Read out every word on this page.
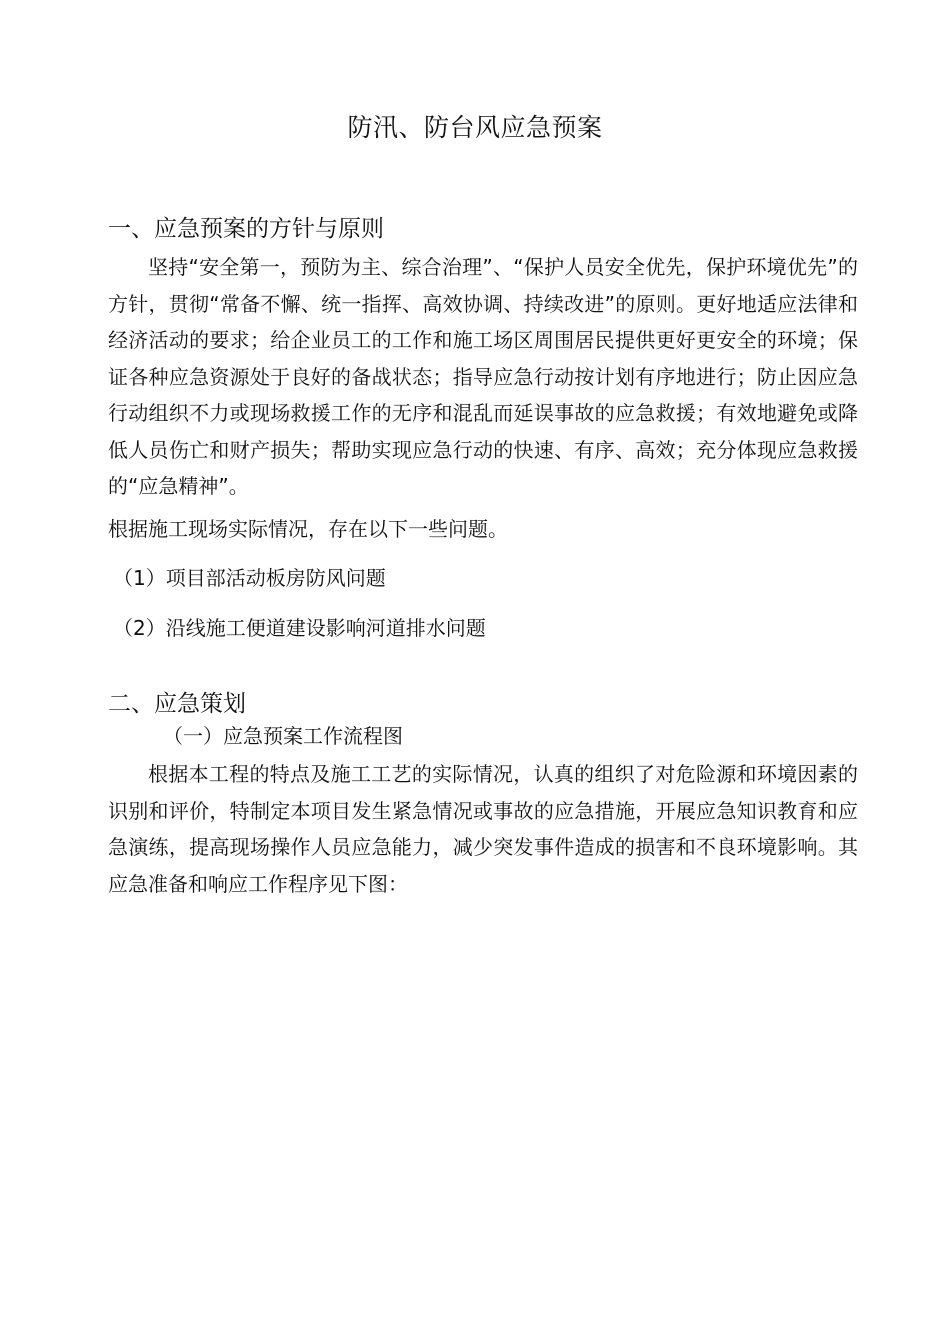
防汛、防台风应急预案
一、应急预案的方针与原则

坚持“安全第一，预防为主、综合治理”、“保护人员安全优先，保护环境优先”的方针，贯彻“常备不懈、统一指挥、高效协调、持续改进”的原则。更好地适应法律和经济活动的要求；给企业员工的工作和施工场区周围居民提供更好更安全的环境；保证各种应急资源处于良好的备战状态；指导应急行动按计划有序地进行；防止因应急行动组织不力或现场救援工作的无序和混乱而延误事故的应急救援；有效地避免或降低人员伤亡和财产损失；帮助实现应急行动的快速、有序、高效；充分体现应急救援的“应急精神”。

根据施工现场实际情况，存在以下一些问题。
（1）项目部活动板房防风问题
（2）沿线施工便道建设影响河道排水问题
二、应急策划
（一）应急预案工作流程图

根据本工程的特点及施工工艺的实际情况，认真的组织了对危险源和环境因素的识别和评价，特制定本项目发生紧急情况或事故的应急措施，开展应急知识教育和应急演练，提高现场操作人员应急能力，减少突发事件造成的损害和不良环境影响。其应急准备和响应工作程序见下图：
